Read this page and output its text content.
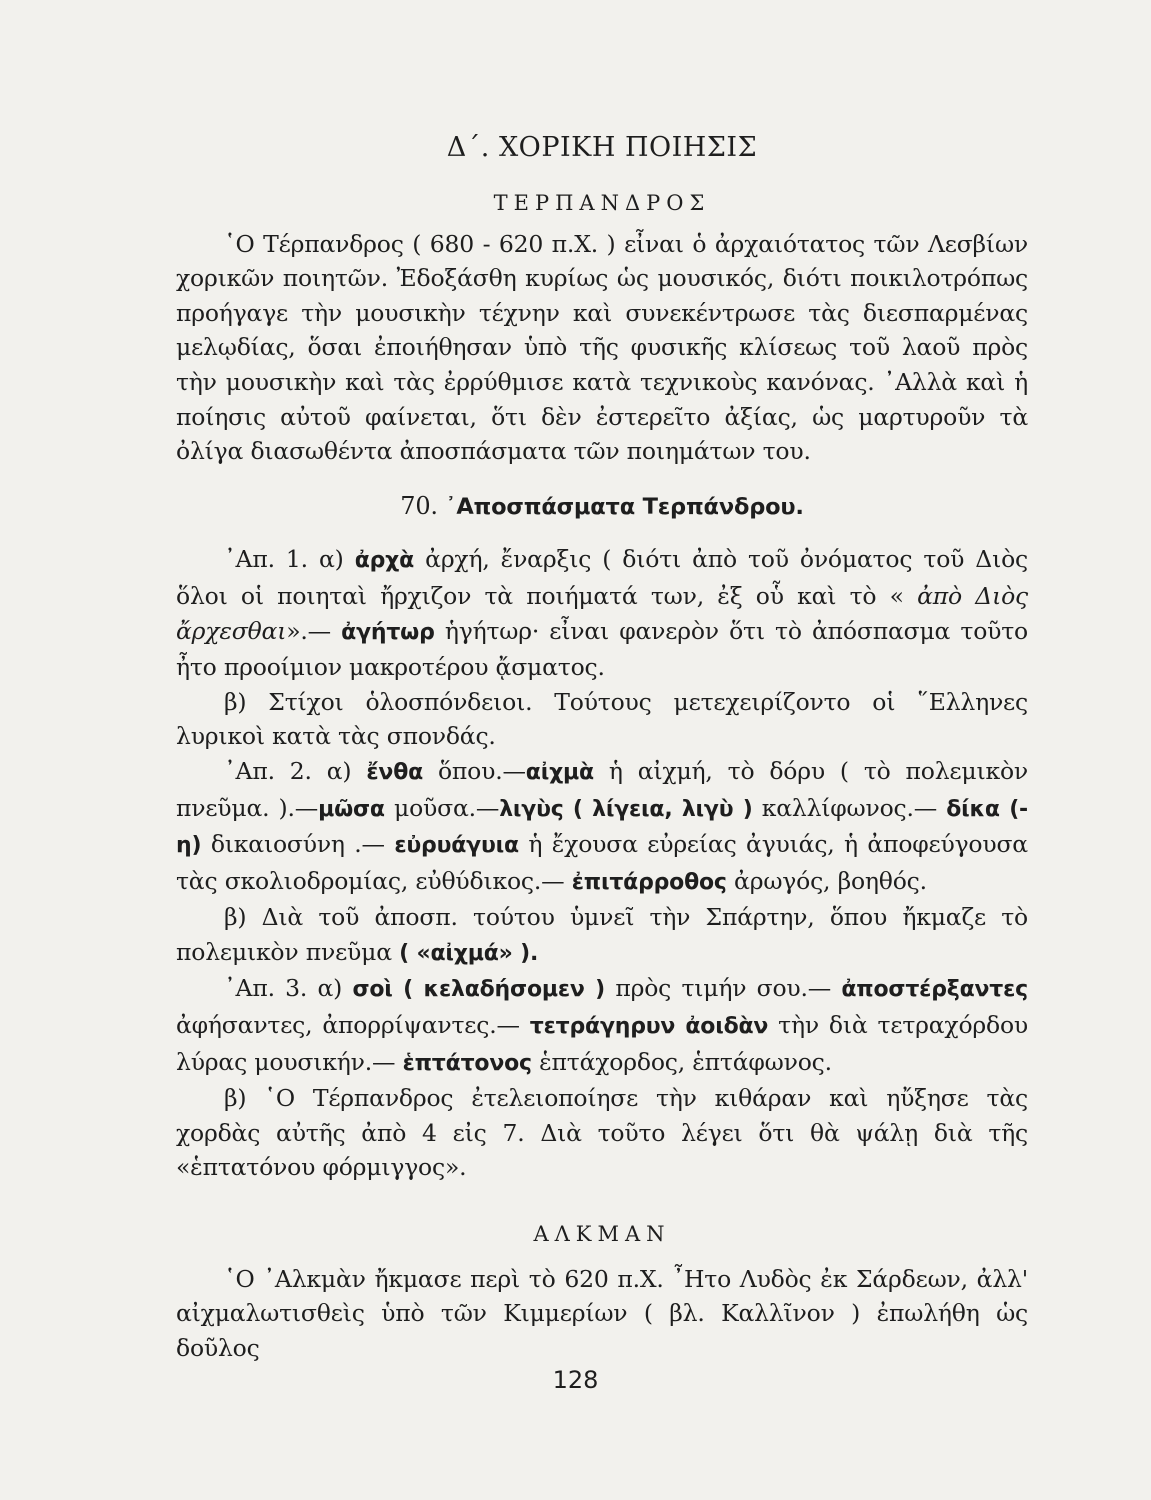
Δ΄. ΧΟΡΙΚΗ ΠΟΙΗΣΙΣ
ΤΕΡΠΑΝΔΡΟΣ

῾Ο Τέρπανδρος ( 680 - 620 π.Χ. ) εἶναι ὁ ἀρχαιότατος τῶν Λεσβίων χορικῶν ποιητῶν. Ἐδοξάσθη κυρίως ὡς μουσικός, διότι ποικιλοτρόπως προήγαγε τὴν μουσικὴν τέχνην καὶ συνεκέντρωσε τὰς διεσπαρμένας μελῳδίας, ὅσαι ἐποιήθησαν ὑπὸ τῆς φυσικῆς κλίσεως τοῦ λαοῦ πρὸς τὴν μουσικὴν καὶ τὰς ἐρρύθμισε κατὰ τεχνικοὺς κανόνας. ᾿Αλλὰ καὶ ἡ ποίησις αὐτοῦ φαίνεται, ὅτι δὲν ἐστερεῖτο ἀξίας, ὡς μαρτυροῦν τὰ ὀλίγα διασωθέντα ἀποσπάσματα τῶν ποιημάτων του.

70. ᾿Αποσπάσματα Τερπάνδρου.

᾿Απ. 1. α) ἀρχὰ ἀρχή, ἔναρξις ( διότι ἀπὸ τοῦ ὀνόματος τοῦ Διὸς ὅλοι οἱ ποιηταὶ ἤρχιζον τὰ ποιήματά των, ἐξ οὗ καὶ τὸ « ἀπὸ Διὸς ἄρχεσθαι».— ἀγήτωρ ἡγήτωρ· εἶναι φανερὸν ὅτι τὸ ἀπόσπασμα τοῦτο ἦτο προοίμιον μακροτέρου ᾄσματος.

β) Στίχοι ὁλοσπόνδειοι. Τούτους μετεχειρίζοντο οἱ ῞Ελληνες λυρικοὶ κατὰ τὰς σπονδάς.

᾿Απ. 2. α) ἔνθα ὅπου.—αἰχμὰ ἡ αἰχμή, τὸ δόρυ ( τὸ πολεμικὸν πνεῦμα. ).—μῶσα μοῦσα.—λιγὺς ( λίγεια, λιγὺ ) καλλίφωνος.— δίκα (-η) δικαιοσύνη .— εὐρυάγυια ἡ ἔχουσα εὐρείας ἀγυιάς, ἡ ἀποφεύγουσα τὰς σκολιοδρομίας, εὐθύδικος.— ἐπιτάρροθος ἀρωγός, βοηθός.

β) Διὰ τοῦ ἀποσπ. τούτου ὑμνεῖ τὴν Σπάρτην, ὅπου ἤκμαζε τὸ πολεμικὸν πνεῦμα ( «αἰχμά» ).

᾿Απ. 3. α) σοὶ ( κελαδήσομεν ) πρὸς τιμήν σου.— ἀποστέρξαντες ἀφήσαντες, ἀπορρίψαντες.— τετράγηρυν ἀοιδὰν τὴν διὰ τετραχόρδου λύρας μουσικήν.— ἑπτάτονος ἑπτάχορδος, ἑπτάφωνος.

β) ῾Ο Τέρπανδρος ἐτελειοποίησε τὴν κιθάραν καὶ ηὔξησε τὰς χορδὰς αὐτῆς ἀπὸ 4 εἰς 7. Διὰ τοῦτο λέγει ὅτι θὰ ψάλῃ διὰ τῆς «ἑπτατόνου φόρμιγγος».

ΑΛΚΜΑΝ

῾Ο ᾿Αλκμὰν ἤκμασε περὶ τὸ 620 π.Χ. ῏Ητο Λυδὸς ἐκ Σάρδεων, ἀλλ' αἰχμαλωτισθεὶς ὑπὸ τῶν Κιμμερίων ( βλ. Καλλῖνον ) ἐπωλήθη ὡς δοῦλος

128
